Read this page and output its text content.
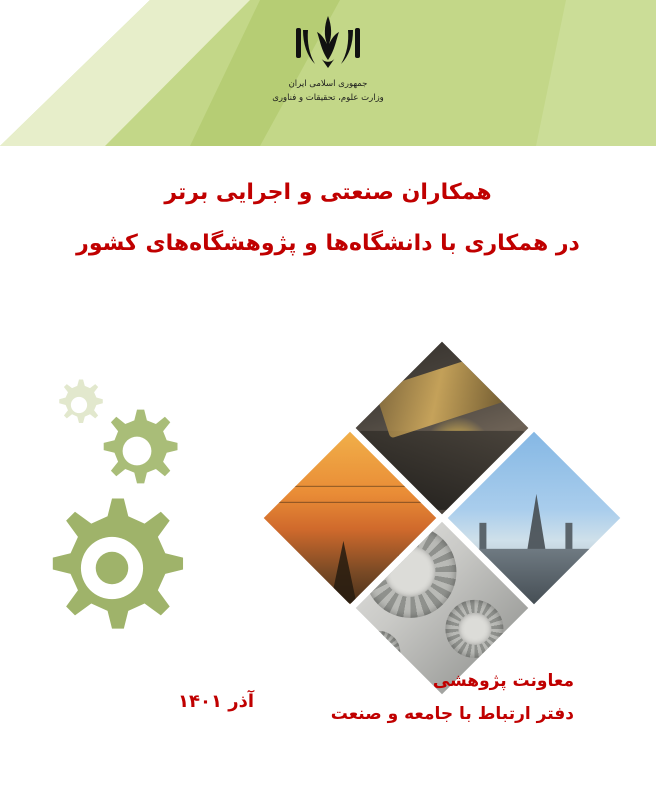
جمهوری اسلامی ایران
وزارت علوم، تحقیقات و فناوری
همکاران صنعتی و اجرایی برتر
در همکاری با دانشگاه‌ها و پژوهشگاه‌های کشور
معاونت پژوهشی
دفتر ارتباط با جامعه و صنعت
آذر ۱۴۰۱
